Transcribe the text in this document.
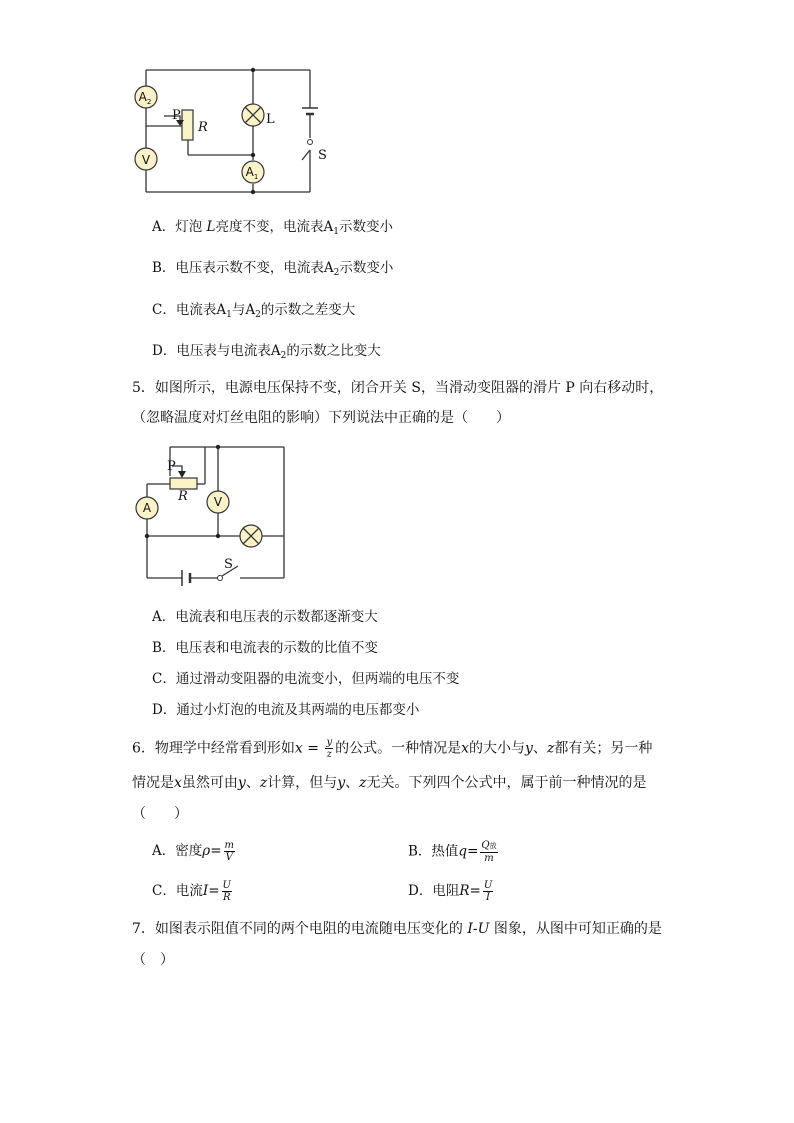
$A_2$
V
$A_1$
P
R
L
S
A．灯泡 L亮度不变，电流表$A_1$示数变小
B．电压表示数不变，电流表$A_2$示数变小
C．电流表$A_1$与$A_2$的示数之差变大
D．电压表与电流表$A_2$的示数之比变大
5．如图所示，电源电压保持不变，闭合开关 S，当滑动变阻器的滑片 P 向右移动时，
（忽略温度对灯丝电阻的影响）下列说法中正确的是（　　）
A	V
P
R
S
A．电流表和电压表的示数都逐渐变大
B．电压表和电流表的示数的比值不变
C．通过滑动变阻器的电流变小，但两端的电压不变
D．通过小灯泡的电流及其两端的电压都变小
6．物理学中经常看到形如$x = \frac{y}{z}$ 的公式。一种情况是x的大小与y、z都有关；另一种
情况是x虽然可由y、z计算，但与y、z无关。下列四个公式中，属于前一种情况的是
（　　）
A．密度$\rho= \frac{m}{V}$	B．热值$q= \frac{\text{Q放}}{m}$
C．电流$I= \frac{U}{R}$	D．电阻$R= \frac{U}{I}$
7．如图表示阻值不同的两个电阻的电流随电压变化的 I-U 图象，从图中可知正确的是
（　）
